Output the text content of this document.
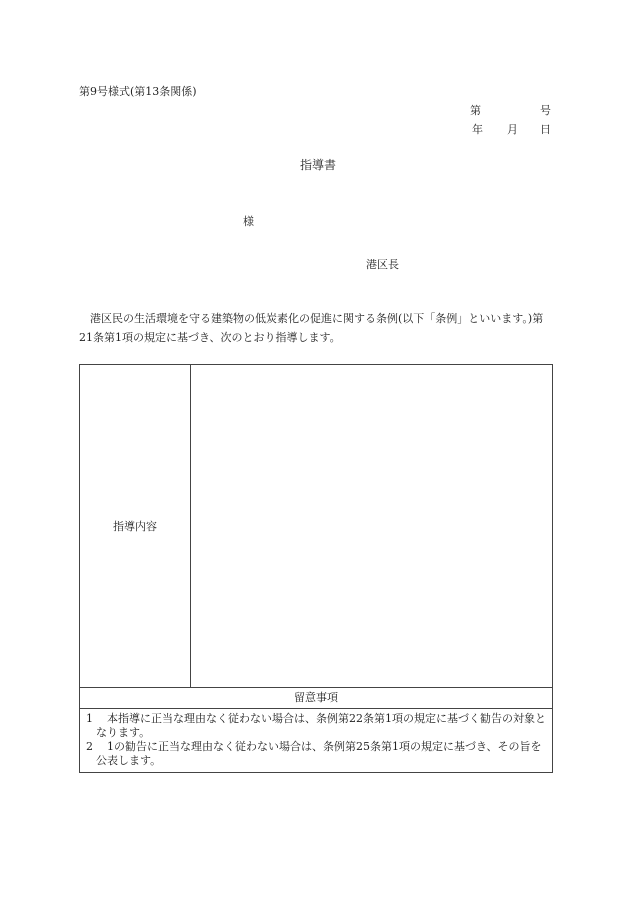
第9号様式(第13条関係)
第	号
年 月 日
指導書
様
港区長
港区民の生活環境を守る建築物の低炭素化の促進に関する条例(以下「条例」といいます。)第21条第1項の規定に基づき、次のとおり指導します。
指導内容
留意事項
1　 本指導に正当な理由なく従わない場合は、条例第22条第1項の規定に基づく勧告の対象となります。
2　 1の勧告に正当な理由なく従わない場合は、条例第25条第1項の規定に基づき、その旨を公表します。
